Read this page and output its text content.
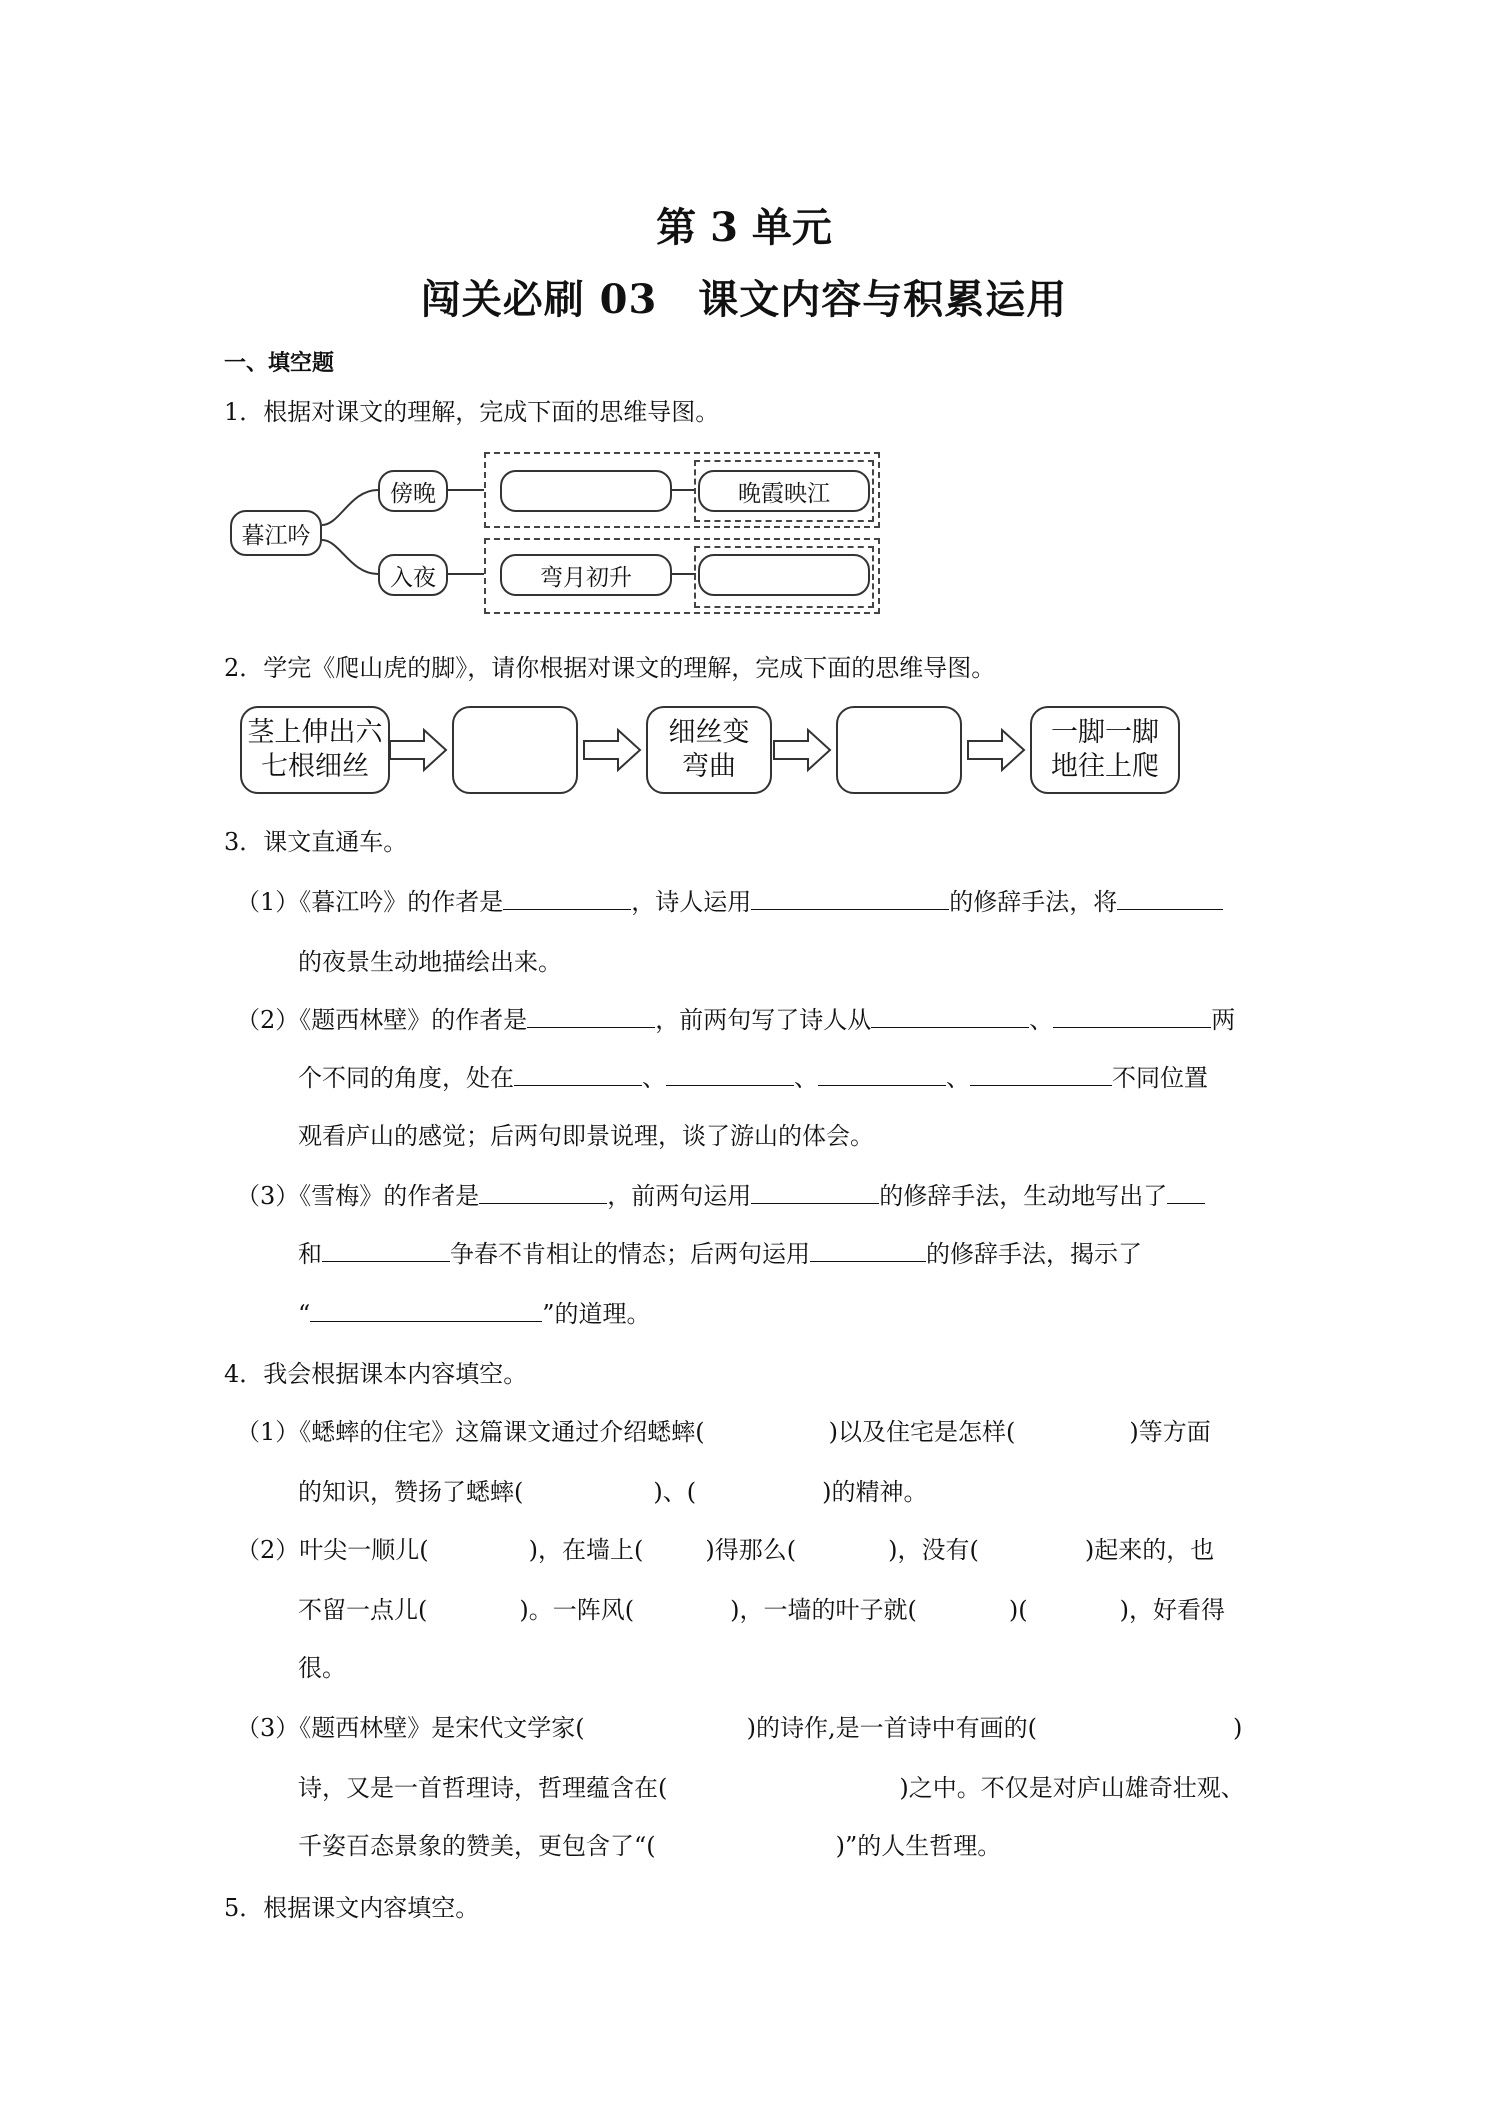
第 3 单元
闯关必刷 03　课文内容与积累运用
一、填空题
1．根据对课文的理解，完成下面的思维导图。
暮江吟
傍晚
入夜
晚霞映江
弯月初升
2．学完《爬山虎的脚》，请你根据对课文的理解，完成下面的思维导图。
茎上伸出六
七根细丝
细丝变
弯曲
一脚一脚
地往上爬
3．课文直通车。
（1）《暮江吟》的作者是	，诗人运用	的修辞手法，将
的夜景生动地描绘出来。
（2）《题西林壁》的作者是	，前两句写了诗人从	、	两
个不同的角度，处在	、	、	、	不同位置
观看庐山的感觉；后两句即景说理，谈了游山的体会。
（3）《雪梅》的作者是	，前两句运用	的修辞手法，生动地写出了
和	争春不肯相让的情态；后两句运用	的修辞手法，揭示了
“	”的道理。
4．我会根据课本内容填空。
（1）《蟋蟀的住宅》这篇课文通过介绍蟋蟀(	)以及住宅是怎样(	)等方面
的知识，赞扬了蟋蟀(	)、(	)的精神。
（2）叶尖一顺儿(	)，在墙上(	)得那么(	)，没有(	)起来的，也
不留一点儿(	)。一阵风(	)，一墙的叶子就(	)(	)，好看得
很。
（3）《题西林壁》是宋代文学家(	)的诗作,是一首诗中有画的(	)
诗，又是一首哲理诗，哲理蕴含在(	)之中。不仅是对庐山雄奇壮观、
千姿百态景象的赞美，更包含了“(	)”的人生哲理。
5．根据课文内容填空。
